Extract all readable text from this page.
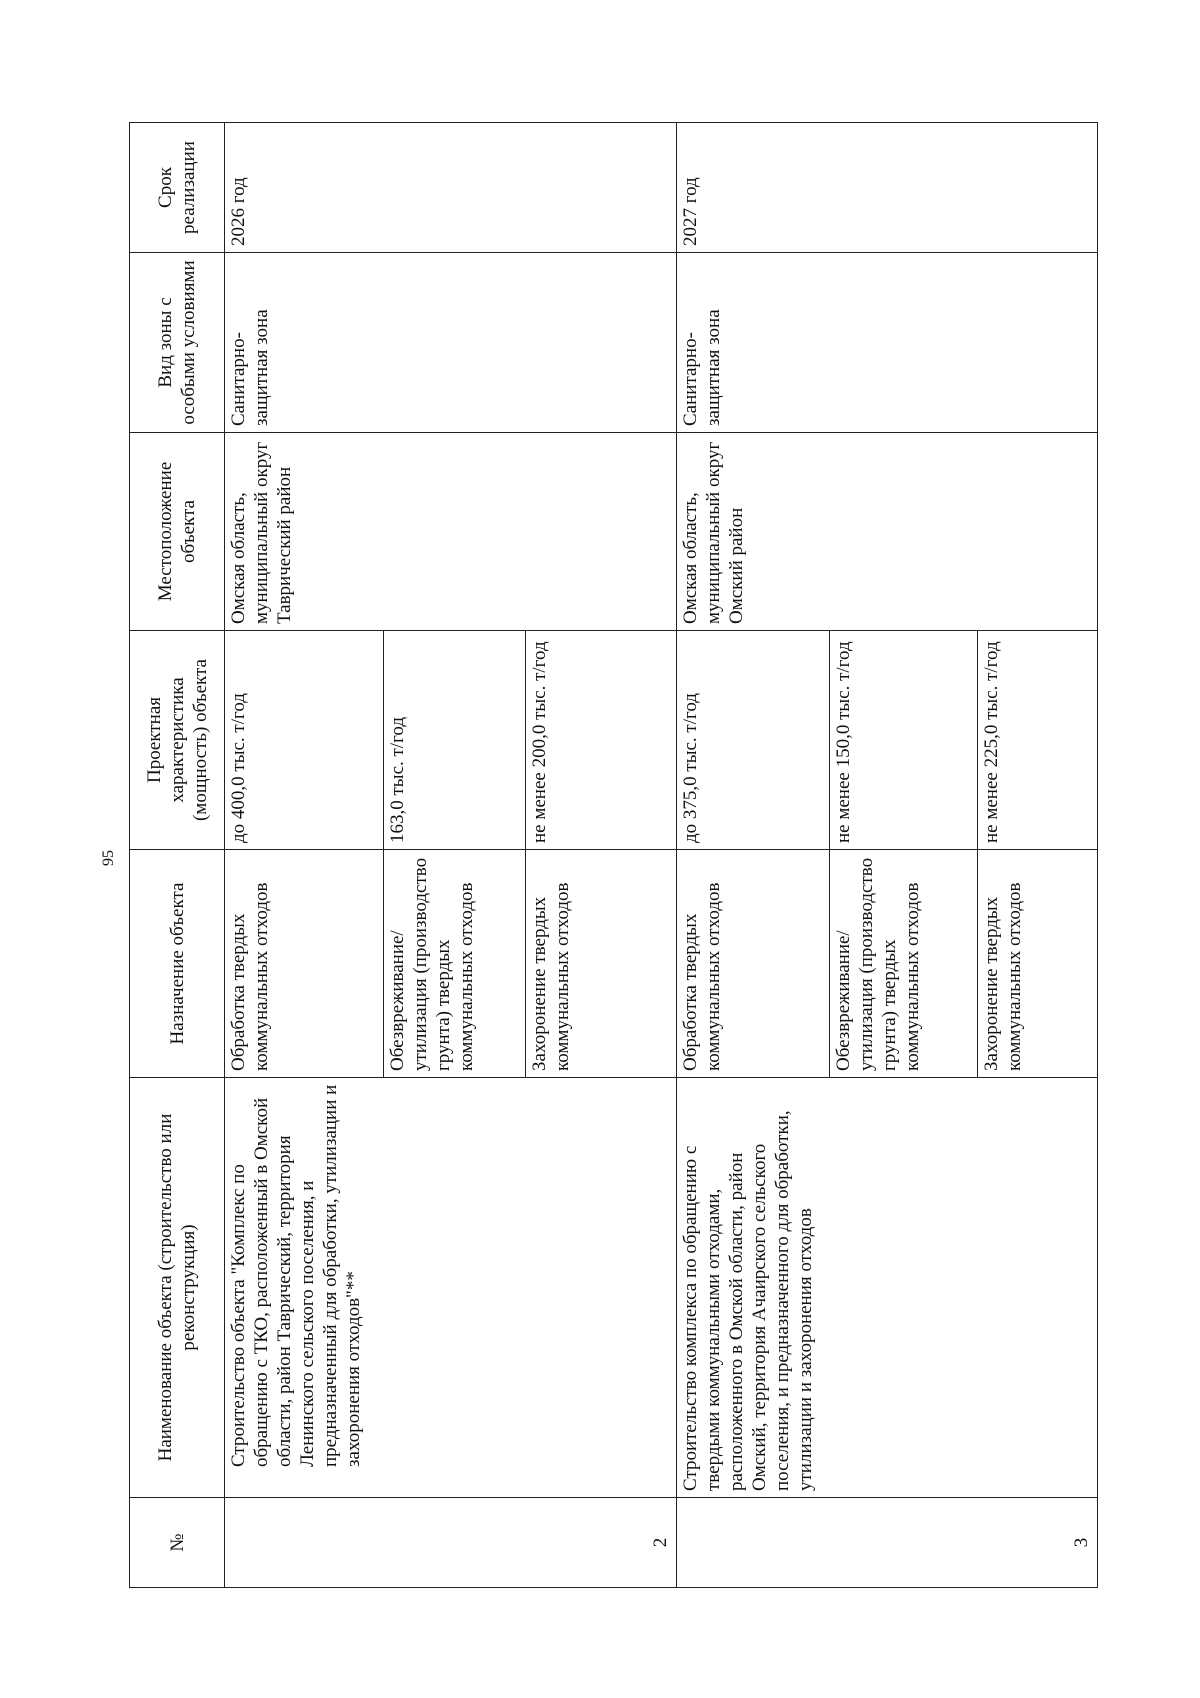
95
№	Наименование объекта (строительство или реконструкция)	Назначение объекта	Проектная характеристика (мощность) объекта	Местоположение объекта	Вид зоны с особыми условиями	Срок реализации
2	Строительство объекта "Комплекс по обращению с ТКО, расположенный в Омской области, район Таврический, территория Ленинского сельского поселения, и предназначенный для обработки, утилизации и захоронения отходов"**	Обработка твердых коммунальных отходов	до 400,0 тыс. т/год	Омская область, муниципальный округ Таврический район	Санитарно-защитная зона	2026 год
		Обезвреживание/ утилизация (производство грунта) твердых коммунальных отходов	163,0 тыс. т/год			
		Захоронение твердых коммунальных отходов	не менее 200,0 тыс. т/год			
3	Строительство комплекса по обращению с твердыми коммунальными отходами, расположенного в Омской области, район Омский, территория Ачаирского сельского поселения, и предназначенного для обработки, утилизации и захоронения отходов	Обработка твердых коммунальных отходов	до 375,0 тыс. т/год	Омская область, муниципальный округ Омский район	Санитарно-защитная зона	2027 год
		Обезвреживание/ утилизация (производство грунта) твердых коммунальных отходов	не менее 150,0 тыс. т/год			
		Захоронение твердых коммунальных отходов	не менее 225,0 тыс. т/год			
